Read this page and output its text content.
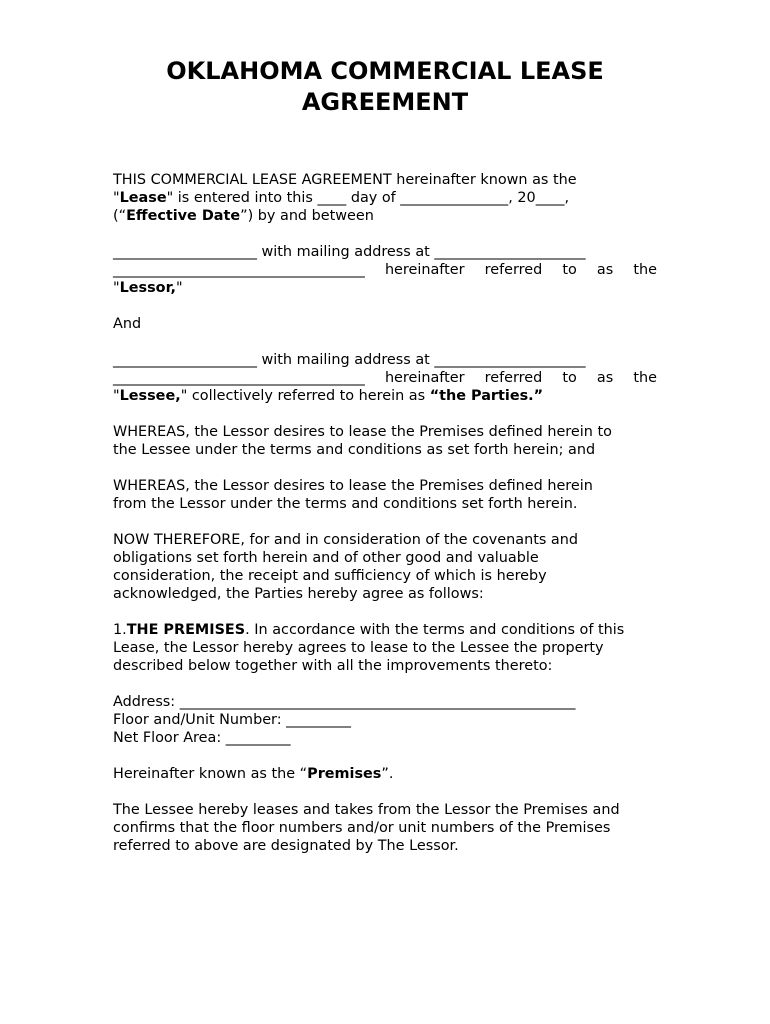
OKLAHOMA COMMERCIAL LEASE
AGREEMENT
THIS COMMERCIAL LEASE AGREEMENT hereinafter known as the
"Lease" is entered into this ____ day of _______________, 20____,
(“Effective Date”) by and between
____________________ with mailing address at _____________________
___________________________________ hereinafter referred to as the
"Lessor,"
And
____________________ with mailing address at _____________________
___________________________________ hereinafter referred to as the
"Lessee," collectively referred to herein as “the Parties.”
WHEREAS, the Lessor desires to lease the Premises defined herein to
the Lessee under the terms and conditions as set forth herein; and
WHEREAS, the Lessor desires to lease the Premises defined herein
from the Lessor under the terms and conditions set forth herein.
NOW THEREFORE, for and in consideration of the covenants and
obligations set forth herein and of other good and valuable
consideration, the receipt and sufficiency of which is hereby
acknowledged, the Parties hereby agree as follows:
1.THE PREMISES. In accordance with the terms and conditions of this
Lease, the Lessor hereby agrees to lease to the Lessee the property
described below together with all the improvements thereto:
Address: _______________________________________________________
Floor and/Unit Number: _________
Net Floor Area: _________
Hereinafter known as the “Premises”.
The Lessee hereby leases and takes from the Lessor the Premises and
confirms that the floor numbers and/or unit numbers of the Premises
referred to above are designated by The Lessor.
